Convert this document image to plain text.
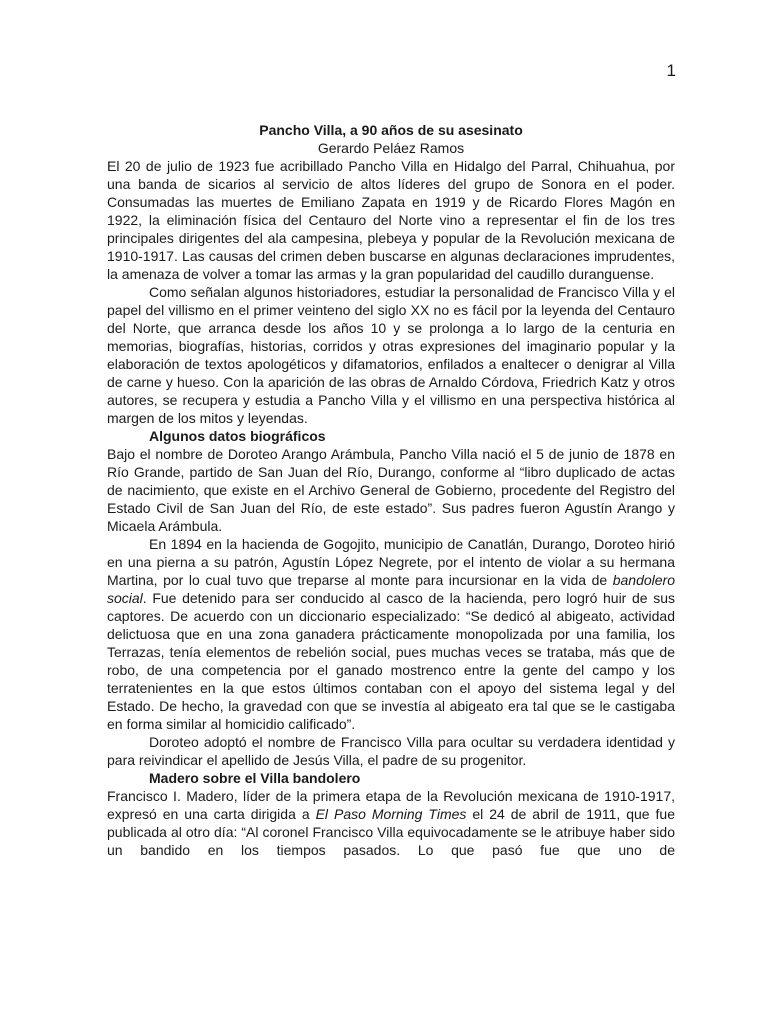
1

Pancho Villa, a 90 años de su asesinato

Gerardo Peláez Ramos

El 20 de julio de 1923 fue acribillado Pancho Villa en Hidalgo del Parral, Chihuahua, por una banda de sicarios al servicio de altos líderes del grupo de Sonora en el poder. Consumadas las muertes de Emiliano Zapata en 1919 y de Ricardo Flores Magón en 1922, la eliminación física del Centauro del Norte vino a representar el fin de los tres principales dirigentes del ala campesina, plebeya y popular de la Revolución mexicana de 1910-1917. Las causas del crimen deben buscarse en algunas declaraciones imprudentes, la amenaza de volver a tomar las armas y la gran popularidad del caudillo duranguense.

Como señalan algunos historiadores, estudiar la personalidad de Francisco Villa y el papel del villismo en el primer veinteno del siglo XX no es fácil por la leyenda del Centauro del Norte, que arranca desde los años 10 y se prolonga a lo largo de la centuria en memorias, biografías, historias, corridos y otras expresiones del imaginario popular y la elaboración de textos apologéticos y difamatorios, enfilados a enaltecer o denigrar al Villa de carne y hueso. Con la aparición de las obras de Arnaldo Córdova, Friedrich Katz y otros autores, se recupera y estudia a Pancho Villa y el villismo en una perspectiva histórica al margen de los mitos y leyendas.

Algunos datos biográficos

Bajo el nombre de Doroteo Arango Arámbula, Pancho Villa nació el 5 de junio de 1878 en Río Grande, partido de San Juan del Río, Durango, conforme al “libro duplicado de actas de nacimiento, que existe en el Archivo General de Gobierno, procedente del Registro del Estado Civil de San Juan del Río, de este estado”. Sus padres fueron Agustín Arango y Micaela Arámbula.

En 1894 en la hacienda de Gogojito, municipio de Canatlán, Durango, Doroteo hirió en una pierna a su patrón, Agustín López Negrete, por el intento de violar a su hermana Martina, por lo cual tuvo que treparse al monte para incursionar en la vida de bandolero social. Fue detenido para ser conducido al casco de la hacienda, pero logró huir de sus captores. De acuerdo con un diccionario especializado: “Se dedicó al abigeato, actividad delictuosa que en una zona ganadera prácticamente monopolizada por una familia, los Terrazas, tenía elementos de rebelión social, pues muchas veces se trataba, más que de robo, de una competencia por el ganado mostrenco entre la gente del campo y los terratenientes en la que estos últimos contaban con el apoyo del sistema legal y del Estado. De hecho, la gravedad con que se investía al abigeato era tal que se le castigaba en forma similar al homicidio calificado”.

Doroteo adoptó el nombre de Francisco Villa para ocultar su verdadera identidad y para reivindicar el apellido de Jesús Villa, el padre de su progenitor.

Madero sobre el Villa bandolero

Francisco I. Madero, líder de la primera etapa de la Revolución mexicana de 1910-1917, expresó en una carta dirigida a El Paso Morning Times el 24 de abril de 1911, que fue publicada al otro día: “Al coronel Francisco Villa equivocadamente se le atribuye haber sido un bandido en los tiempos pasados. Lo que pasó fue que uno de
